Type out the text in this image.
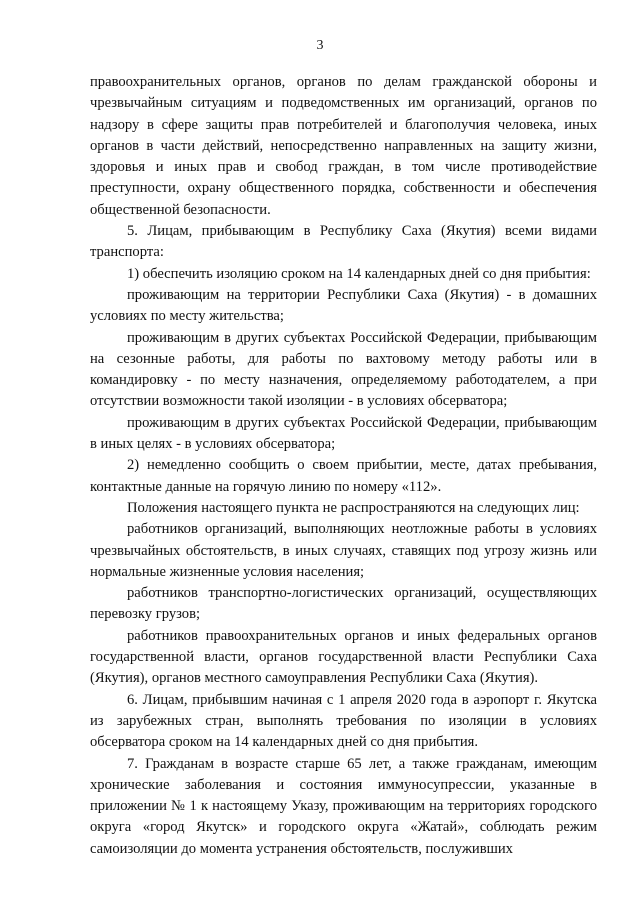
3

правоохранительных органов, органов по делам гражданской обороны и чрезвычайным ситуациям и подведомственных им организаций, органов по надзору в сфере защиты прав потребителей и благополучия человека, иных органов в части действий, непосредственно направленных на защиту жизни, здоровья и иных прав и свобод граждан, в том числе противодействие преступности, охрану общественного порядка, собственности и обеспечения общественной безопасности.

5. Лицам, прибывающим в Республику Саха (Якутия) всеми видами транспорта:

1) обеспечить изоляцию сроком на 14 календарных дней со дня прибытия:

проживающим на территории Республики Саха (Якутия) - в домашних условиях по месту жительства;

проживающим в других субъектах Российской Федерации, прибывающим на сезонные работы, для работы по вахтовому методу работы или в командировку - по месту назначения, определяемому работодателем, а при отсутствии возможности такой изоляции - в условиях обсерватора;

проживающим в других субъектах Российской Федерации, прибывающим в иных целях - в условиях обсерватора;

2) немедленно сообщить о своем прибытии, месте, датах пребывания, контактные данные на горячую линию по номеру «112».

Положения настоящего пункта не распространяются на следующих лиц:

работников организаций, выполняющих неотложные работы в условиях чрезвычайных обстоятельств, в иных случаях, ставящих под угрозу жизнь или нормальные жизненные условия населения;

работников транспортно-логистических организаций, осуществляющих перевозку грузов;

работников правоохранительных органов и иных федеральных органов государственной власти, органов государственной власти Республики Саха (Якутия), органов местного самоуправления Республики Саха (Якутия).

6. Лицам, прибывшим начиная с 1 апреля 2020 года в аэропорт г. Якутска из зарубежных стран, выполнять требования по изоляции в условиях обсерватора сроком на 14 календарных дней со дня прибытия.

7. Гражданам в возрасте старше 65 лет, а также гражданам, имеющим хронические заболевания и состояния иммуносупрессии, указанные в приложении № 1 к настоящему Указу, проживающим на территориях городского округа «город Якутск» и городского округа «Жатай», соблюдать режим самоизоляции до момента устранения обстоятельств, послуживших
